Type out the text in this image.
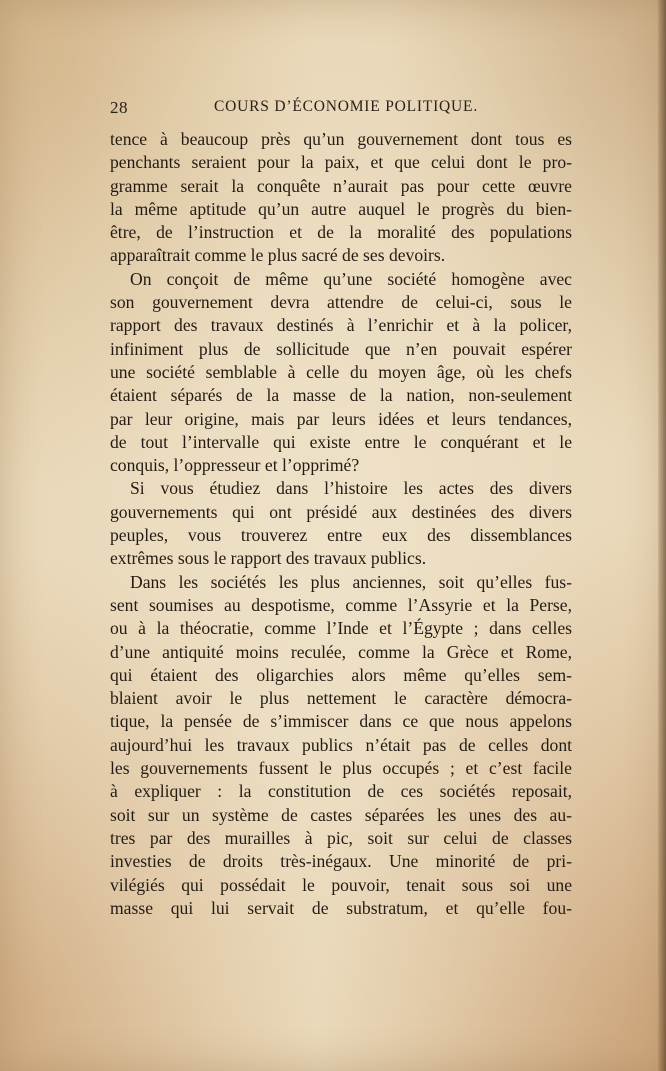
28	COURS D’ÉCONOMIE POLITIQUE.
tence à beaucoup près qu’un gouvernement dont tous es
penchants seraient pour la paix, et que celui dont le pro-
gramme serait la conquête n’aurait pas pour cette œuvre
la même aptitude qu’un autre auquel le progrès du bien-
être, de l’instruction et de la moralité des populations
apparaîtrait comme le plus sacré de ses devoirs.
On conçoit de même qu’une société homogène avec
son gouvernement devra attendre de celui-ci, sous le
rapport des travaux destinés à l’enrichir et à la policer,
infiniment plus de sollicitude que n’en pouvait espérer
une société semblable à celle du moyen âge, où les chefs
étaient séparés de la masse de la nation, non-seulement
par leur origine, mais par leurs idées et leurs tendances,
de tout l’intervalle qui existe entre le conquérant et le
conquis, l’oppresseur et l’opprimé?
Si vous étudiez dans l’histoire les actes des divers
gouvernements qui ont présidé aux destinées des divers
peuples, vous trouverez entre eux des dissemblances
extrêmes sous le rapport des travaux publics.
Dans les sociétés les plus anciennes, soit qu’elles fus-
sent soumises au despotisme, comme l’Assyrie et la Perse,
ou à la théocratie, comme l’Inde et l’Égypte ; dans celles
d’une antiquité moins reculée, comme la Grèce et Rome,
qui étaient des oligarchies alors même qu’elles sem-
blaient avoir le plus nettement le caractère démocra-
tique, la pensée de s’immiscer dans ce que nous appelons
aujourd’hui les travaux publics n’était pas de celles dont
les gouvernements fussent le plus occupés ; et c’est facile
à expliquer : la constitution de ces sociétés reposait,
soit sur un système de castes séparées les unes des au-
tres par des murailles à pic, soit sur celui de classes
investies de droits très-inégaux. Une minorité de pri-
vilégiés qui possédait le pouvoir, tenait sous soi une
masse qui lui servait de substratum, et qu’elle fou-
